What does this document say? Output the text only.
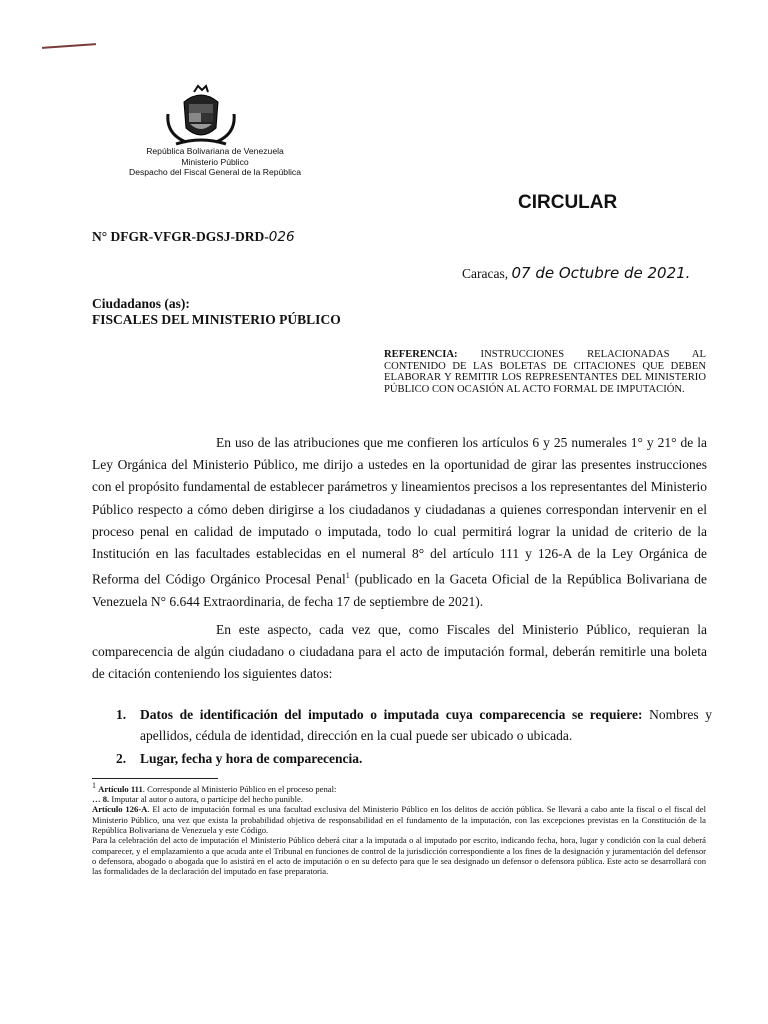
República Bolivariana de Venezuela
Ministerio Público
Despacho del Fiscal General de la República
CIRCULAR
N° DFGR-VFGR-DGSJ-DRD-026
Caracas, 07 de Octubre de 2021.
Ciudadanos (as):
FISCALES DEL MINISTERIO PÚBLICO
REFERENCIA: INSTRUCCIONES RELACIONADAS AL CONTENIDO DE LAS BOLETAS DE CITACIONES QUE DEBEN ELABORAR Y REMITIR LOS REPRESENTANTES DEL MINISTERIO PÚBLICO CON OCASIÓN AL ACTO FORMAL DE IMPUTACIÓN.
En uso de las atribuciones que me confieren los artículos 6 y 25 numerales 1° y 21° de la Ley Orgánica del Ministerio Público, me dirijo a ustedes en la oportunidad de girar las presentes instrucciones con el propósito fundamental de establecer parámetros y lineamientos precisos a los representantes del Ministerio Público respecto a cómo deben dirigirse a los ciudadanos y ciudadanas a quienes correspondan intervenir en el proceso penal en calidad de imputado o imputada, todo lo cual permitirá lograr la unidad de criterio de la Institución en las facultades establecidas en el numeral 8° del artículo 111 y 126-A de la Ley Orgánica de Reforma del Código Orgánico Procesal Penal$^1$ (publicado en la Gaceta Oficial de la República Bolivariana de Venezuela N° 6.644 Extraordinaria, de fecha 17 de septiembre de 2021).
En este aspecto, cada vez que, como Fiscales del Ministerio Público, requieran la comparecencia de algún ciudadano o ciudadana para el acto de imputación formal, deberán remitirle una boleta de citación conteniendo los siguientes datos:
1. Datos de identificación del imputado o imputada cuya comparecencia se requiere: Nombres y apellidos, cédula de identidad, dirección en la cual puede ser ubicado o ubicada.
2. Lugar, fecha y hora de comparecencia.

$^1$ Artículo 111. Corresponde al Ministerio Público en el proceso penal:

… 8. Imputar al autor o autora, o partícipe del hecho punible.

Artículo 126-A. El acto de imputación formal es una facultad exclusiva del Ministerio Público en los delitos de acción pública. Se llevará a cabo ante la fiscal o el fiscal del Ministerio Público, una vez que exista la probabilidad objetiva de responsabilidad en el fundamento de la imputación, con las excepciones previstas en la Constitución de la República Bolivariana de Venezuela y este Código.

Para la celebración del acto de imputación el Ministerio Público deberá citar a la imputada o al imputado por escrito, indicando fecha, hora, lugar y condición con la cual deberá comparecer, y el emplazamiento a que acuda ante el Tribunal en funciones de control de la jurisdicción correspondiente a los fines de la designación y juramentación del defensor o defensora, abogado o abogada que lo asistirá en el acto de imputación o en su defecto para que le sea designado un defensor o defensora pública. Este acto se desarrollará con las formalidades de la declaración del imputado en fase preparatoria.
